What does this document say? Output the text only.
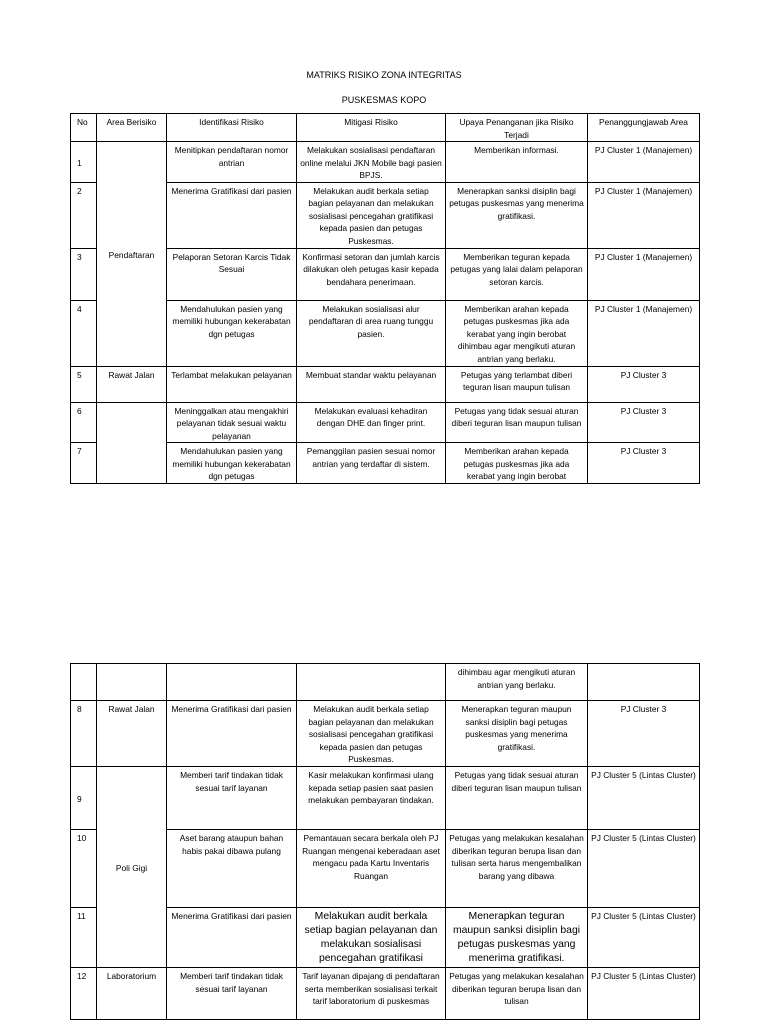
MATRIKS RISIKO ZONA INTEGRITAS
PUSKESMAS KOPO
No	Area Berisiko	Identifikasi Risiko	Mitigasi Risiko	Upaya Penanganan jika Risiko Terjadi	Penanggungjawab Area
1	Pendaftaran	Menitipkan pendaftaran nomor antrian	Melakukan sosialisasi pendaftaran online melalui JKN Mobile bagi pasien BPJS.	Memberikan informasi.	PJ Cluster 1 (Manajemen)
2		Menerima Gratifikasi dari pasien	Melakukan audit berkala setiap bagian pelayanan dan melakukan sosialisasi pencegahan gratifikasi kepada pasien dan petugas Puskesmas.	Menerapkan sanksi disiplin bagi petugas puskesmas yang menerima gratifikasi.	PJ Cluster 1 (Manajemen)
3		Pelaporan Setoran Karcis Tidak Sesuai	Konfirmasi setoran dan jumlah karcis dilakukan oleh petugas kasir kepada bendahara penerimaan.	Memberikan teguran kepada petugas yang lalai dalam pelaporan setoran karcis.	PJ Cluster 1 (Manajemen)
4		Mendahulukan pasien yang memiliki hubungan kekerabatan dgn petugas	Melakukan sosialisasi alur pendaftaran di area ruang tunggu pasien.	Memberikan arahan kepada petugas puskesmas jika ada kerabat yang ingin berobat dihimbau agar mengikuti aturan antrian yang berlaku.	PJ Cluster 1 (Manajemen)
5	Rawat Jalan	Terlambat melakukan pelayanan	Membuat standar waktu pelayanan	Petugas yang terlambat diberi teguran lisan maupun tulisan	PJ Cluster 3
6		Meninggalkan atau mengakhiri pelayanan tidak sesuai waktu pelayanan	Melakukan evaluasi kehadiran dengan DHE dan finger print.	Petugas yang tidak sesuai aturan diberi teguran lisan maupun tulisan	PJ Cluster 3
7		Mendahulukan pasien yang memiliki hubungan kekerabatan dgn petugas	Pemanggilan pasien sesuai nomor antrian yang terdaftar di sistem.	Memberikan arahan kepada petugas puskesmas jika ada kerabat yang ingin berobat	PJ Cluster 3
				dihimbau agar mengikuti aturan antrian yang berlaku.	
8	Rawat Jalan	Menerima Gratifikasi dari pasien	Melakukan audit berkala setiap bagian pelayanan dan melakukan sosialisasi pencegahan gratifikasi kepada pasien dan petugas Puskesmas.	Menerapkan teguran maupun sanksi disiplin bagi petugas puskesmas yang menerima gratifikasi.	PJ Cluster 3
9	Poli Gigi	Memberi tarif tindakan tidak sesuai tarif layanan	Kasir melakukan konfirmasi ulang kepada setiap pasien saat pasien melakukan pembayaran tindakan.	Petugas yang tidak sesuai aturan diberi teguran lisan maupun tulisan	PJ Cluster 5 (Lintas Cluster)
10		Aset barang ataupun bahan habis pakai dibawa pulang	Pemantauan secara berkala oleh PJ Ruangan mengenai keberadaan aset mengacu pada Kartu Inventaris Ruangan	Petugas yang melakukan kesalahan diberikan teguran berupa lisan dan tulisan serta harus mengembalikan barang yang dibawa	PJ Cluster 5 (Lintas Cluster)
11		Menerima Gratifikasi dari pasien	Melakukan audit berkala setiap bagian pelayanan dan melakukan sosialisasi pencegahan gratifikasi	Menerapkan teguran maupun sanksi disiplin bagi petugas puskesmas yang menerima gratifikasi.	PJ Cluster 5 (Lintas Cluster)
12	Laboratorium	Memberi tarif tindakan tidak sesuai tarif layanan	Tarif layanan dipajang di pendaftaran serta memberikan sosialisasi terkait tarif laboratorium di puskesmas	Petugas yang melakukan kesalahan diberikan teguran berupa lisan dan tulisan	PJ Cluster 5 (Lintas Cluster)
